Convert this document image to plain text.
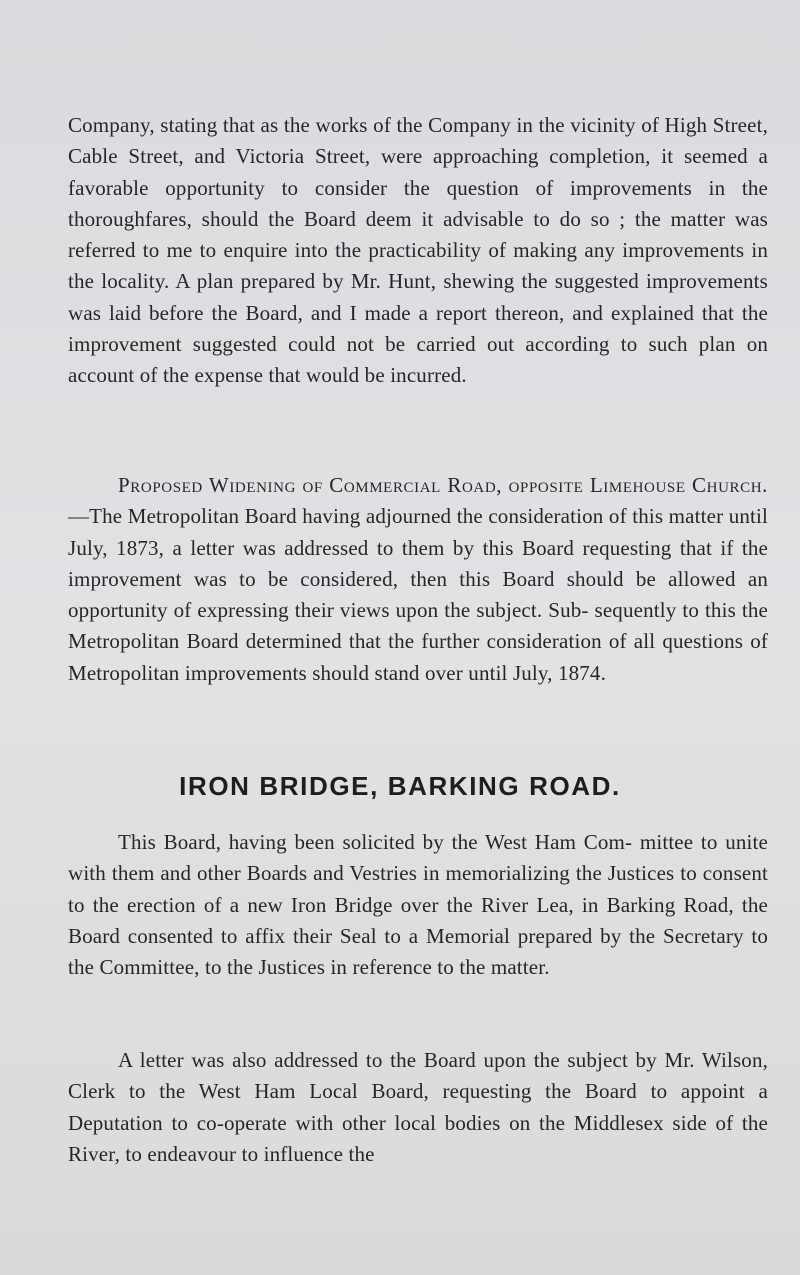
Company, stating that as the works of the Company in the vicinity of High Street, Cable Street, and Victoria Street, were approaching completion, it seemed a favorable opportunity to consider the question of improvements in the thoroughfares, should the Board deem it advisable to do so ; the matter was referred to me to enquire into the practicability of making any improvements in the locality. A plan prepared by Mr. Hunt, shewing the suggested improvements was laid before the Board, and I made a report thereon, and explained that the improvement suggested could not be carried out according to such plan on account of the expense that would be incurred.

Proposed Widening of Commercial Road, opposite Limehouse Church.—The Metropolitan Board having adjourned the consideration of this matter until July, 1873, a letter was addressed to them by this Board requesting that if the improvement was to be considered, then this Board should be allowed an opportunity of expressing their views upon the subject. Sub- sequently to this the Metropolitan Board determined that the further consideration of all questions of Metropolitan improvements should stand over until July, 1874.

IRON BRIDGE, BARKING ROAD.

This Board, having been solicited by the West Ham Com- mittee to unite with them and other Boards and Vestries in memorializing the Justices to consent to the erection of a new Iron Bridge over the River Lea, in Barking Road, the Board consented to affix their Seal to a Memorial prepared by the Secretary to the Committee, to the Justices in reference to the matter.

A letter was also addressed to the Board upon the subject by Mr. Wilson, Clerk to the West Ham Local Board, requesting the Board to appoint a Deputation to co-operate with other local bodies on the Middlesex side of the River, to endeavour to influence the
